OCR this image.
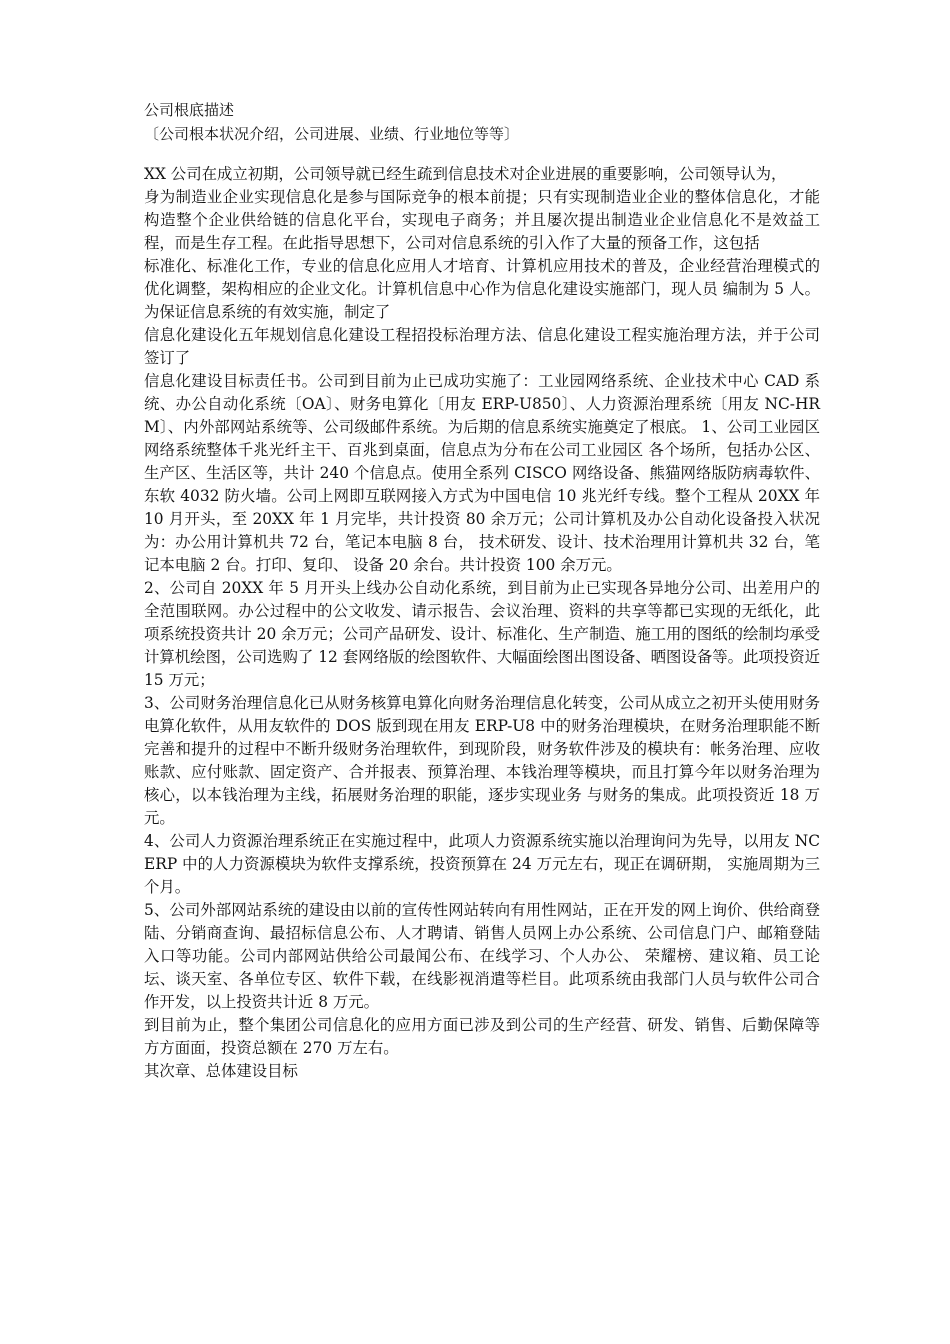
公司根底描述

〔公司根本状况介绍，公司进展、业绩、行业地位等等〕

XX 公司在成立初期，公司领导就已经生疏到信息技术对企业进展的重要影响，公司领导认为，

身为制造业企业实现信息化是参与国际竞争的根本前提；只有实现制造业企业的整体信息化，才能构造整个企业供给链的信息化平台，实现电子商务；并且屡次提出制造业企业信息化不是效益工程，而是生存工程。在此指导思想下，公司对信息系统的引入作了大量的预备工作，这包括

标准化、标准化工作，专业的信息化应用人才培育、计算机应用技术的普及，企业经营治理模式的优化调整，架构相应的企业文化。计算机信息中心作为信息化建设实施部门，现人员 编制为 5 人。为保证信息系统的有效实施，制定了

信息化建设化五年规划信息化建设工程招投标治理方法、信息化建设工程实施治理方法，并于公司签订了

信息化建设目标责任书。公司到目前为止已成功实施了：工业园网络系统、企业技术中心 CAD 系统、办公自动化系统〔OA〕、财务电算化〔用友 ERP-U850〕、人力资源治理系统〔用友 NC-HRM〕、内外部网站系统等、公司级邮件系统。为后期的信息系统实施奠定了根底。 1、公司工业园区网络系统整体千兆光纤主干、百兆到桌面，信息点为分布在公司工业园区 各个场所，包括办公区、生产区、生活区等，共计 240 个信息点。使用全系列 CISCO 网络设备、熊猫网络版防病毒软件、东软 4032 防火墙。公司上网即互联网接入方式为中国电信 10 兆光纤专线。整个工程从 20XX 年 10 月开头，至 20XX 年 1 月完毕，共计投资 80 余万元；公司计算机及办公自动化设备投入状况为：办公用计算机共 72 台，笔记本电脑 8 台， 技术研发、设计、技术治理用计算机共 32 台，笔记本电脑 2 台。打印、复印、 设备 20 余台。共计投资 100 余万元。

2、公司自 20XX 年 5 月开头上线办公自动化系统，到目前为止已实现各异地分公司、出差用户的全范围联网。办公过程中的公文收发、请示报告、会议治理、资料的共享等都已实现的无纸化，此项系统投资共计 20 余万元；公司产品研发、设计、标准化、生产制造、施工用的图纸的绘制均承受计算机绘图，公司选购了 12 套网络版的绘图软件、大幅面绘图出图设备、晒图设备等。此项投资近 15 万元；

3、公司财务治理信息化已从财务核算电算化向财务治理信息化转变，公司从成立之初开头使用财务电算化软件，从用友软件的 DOS 版到现在用友 ERP-U8 中的财务治理模块，在财务治理职能不断完善和提升的过程中不断升级财务治理软件，到现阶段，财务软件涉及的模块有：帐务治理、应收账款、应付账款、固定资产、合并报表、预算治理、本钱治理等模块，而且打算今年以财务治理为核心，以本钱治理为主线，拓展财务治理的职能，逐步实现业务 与财务的集成。此项投资近 18 万元。

4、公司人力资源治理系统正在实施过程中，此项人力资源系统实施以治理询问为先导，以用友 NC ERP 中的人力资源模块为软件支撑系统，投资预算在 24 万元左右，现正在调研期， 实施周期为三个月。

5、公司外部网站系统的建设由以前的宣传性网站转向有用性网站，正在开发的网上询价、供给商登陆、分销商查询、最招标信息公布、人才聘请、销售人员网上办公系统、公司信息门户、邮箱登陆入口等功能。公司内部网站供给公司最闻公布、在线学习、个人办公、 荣耀榜、建议箱、员工论坛、谈天室、各单位专区、软件下载，在线影视消遣等栏目。此项系统由我部门人员与软件公司合作开发，以上投资共计近 8 万元。

到目前为止，整个集团公司信息化的应用方面已涉及到公司的生产经营、研发、销售、后勤保障等方方面面，投资总额在 270 万左右。

其次章、总体建设目标
